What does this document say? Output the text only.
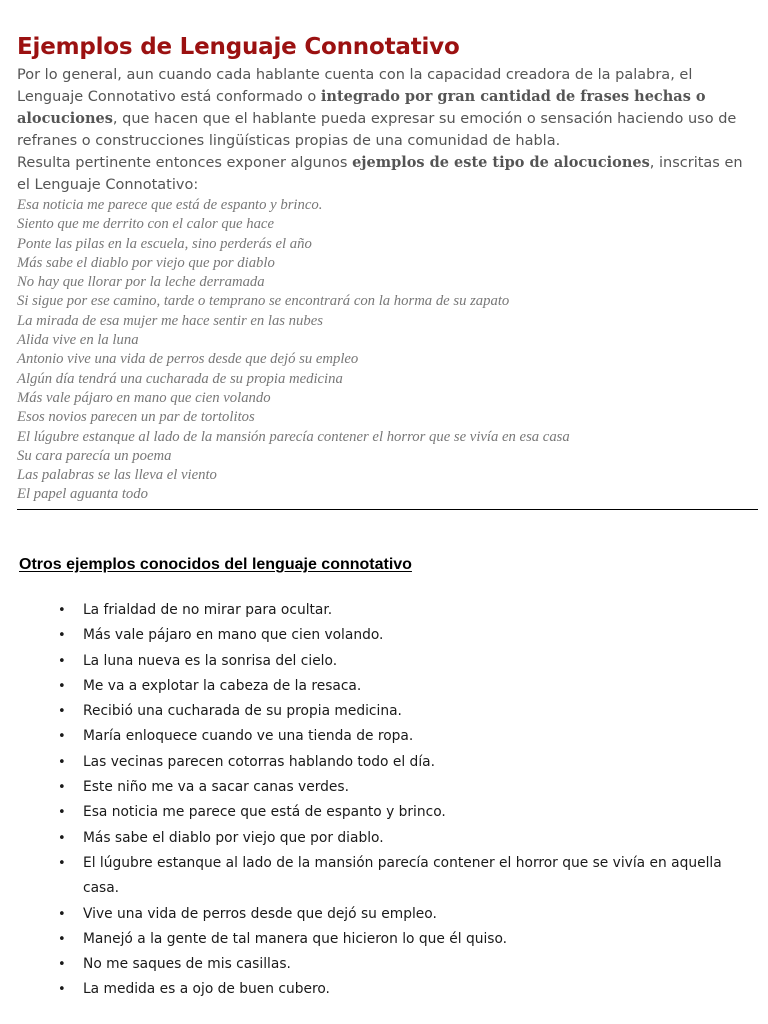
Ejemplos de Lenguaje Connotativo

Por lo general, aun cuando cada hablante cuenta con la capacidad creadora de la palabra, el Lenguaje Connotativo está conformado o integrado por gran cantidad de frases hechas o alocuciones, que hacen que el hablante pueda expresar su emoción o sensación haciendo uso de refranes o construcciones lingüísticas propias de una comunidad de habla.

Resulta pertinente entonces exponer algunos ejemplos de este tipo de alocuciones, inscritas en el Lenguaje Connotativo:

Esa noticia me parece que está de espanto y brinco.
Siento que me derrito con el calor que hace
Ponte las pilas en la escuela, sino perderás el año
Más sabe el diablo por viejo que por diablo
No hay que llorar por la leche derramada
Si sigue por ese camino, tarde o temprano se encontrará con la horma de su zapato
La mirada de esa mujer me hace sentir en las nubes
Alida vive en la luna
Antonio vive una vida de perros desde que dejó su empleo
Algún día tendrá una cucharada de su propia medicina
Más vale pájaro en mano que cien volando
Esos novios parecen un par de tortolitos
El lúgubre estanque al lado de la mansión parecía contener el horror que se vivía en esa casa
Su cara parecía un poema
Las palabras se las lleva el viento
El papel aguanta todo
Otros ejemplos conocidos del lenguaje connotativo
• La frialdad de no mirar para ocultar.
• Más vale pájaro en mano que cien volando.
• La luna nueva es la sonrisa del cielo.
• Me va a explotar la cabeza de la resaca.
• Recibió una cucharada de su propia medicina.
• María enloquece cuando ve una tienda de ropa.
• Las vecinas parecen cotorras hablando todo el día.
• Este niño me va a sacar canas verdes.
• Esa noticia me parece que está de espanto y brinco.
• Más sabe el diablo por viejo que por diablo.
• El lúgubre estanque al lado de la mansión parecía contener el horror que se vivía en aquella casa.
• Vive una vida de perros desde que dejó su empleo.
• Manejó a la gente de tal manera que hicieron lo que él quiso.
• No me saques de mis casillas.
• La medida es a ojo de buen cubero.
